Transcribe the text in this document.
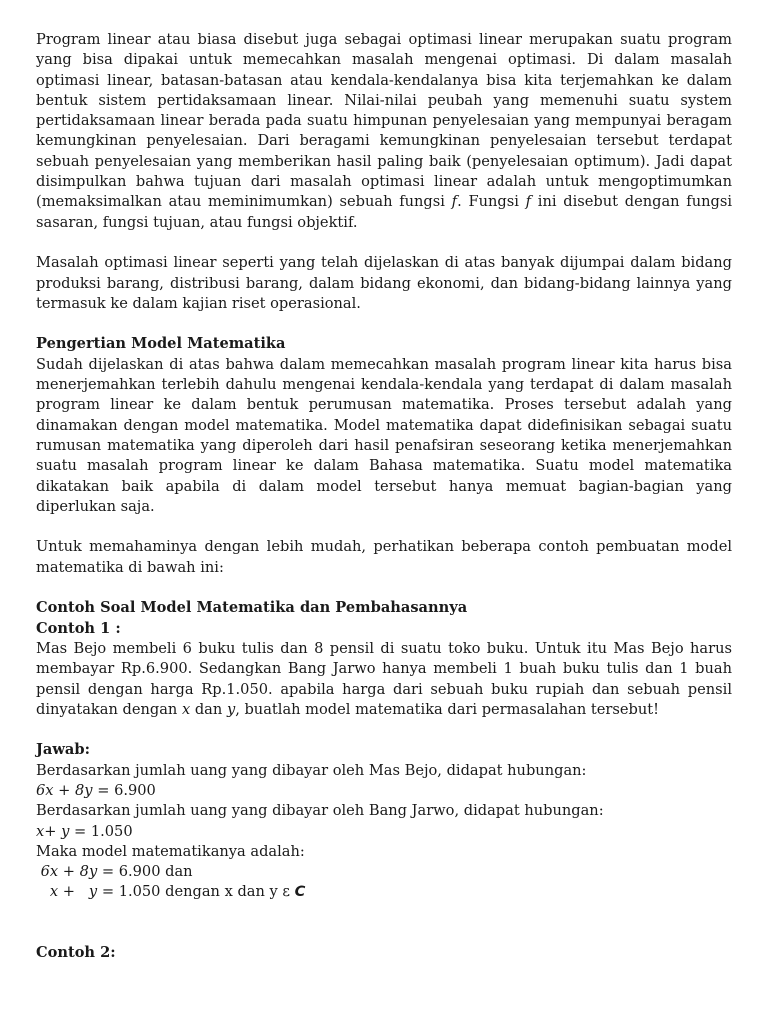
Program linear atau biasa disebut juga sebagai optimasi linear merupakan suatu program yang bisa dipakai untuk memecahkan masalah mengenai optimasi. Di dalam masalah optimasi linear, batasan-batasan atau kendala-kendalanya bisa kita terjemahkan ke dalam bentuk sistem pertidaksamaan linear. Nilai-nilai peubah yang memenuhi suatu system pertidaksamaan linear berada pada suatu himpunan penyelesaian yang mempunyai beragam kemungkinan penyelesaian. Dari beragami kemungkinan penyelesaian tersebut terdapat sebuah penyelesaian yang memberikan hasil paling baik (penyelesaian optimum). Jadi dapat disimpulkan bahwa tujuan dari masalah optimasi linear adalah untuk mengoptimumkan (memaksimalkan atau meminimumkan) sebuah fungsi f. Fungsi f ini disebut dengan fungsi sasaran, fungsi tujuan, atau fungsi objektif.

Masalah optimasi linear seperti yang telah dijelaskan di atas banyak dijumpai dalam bidang produksi barang, distribusi barang, dalam bidang ekonomi, dan bidang-bidang lainnya yang termasuk ke dalam kajian riset operasional.

Pengertian Model Matematika

Sudah dijelaskan di atas bahwa dalam memecahkan masalah program linear kita harus bisa menerjemahkan terlebih dahulu mengenai kendala-kendala yang terdapat di dalam masalah program linear ke dalam bentuk perumusan matematika. Proses tersebut adalah yang dinamakan dengan model matematika. Model matematika dapat didefinisikan sebagai suatu rumusan matematika yang diperoleh dari hasil penafsiran seseorang ketika menerjemahkan suatu masalah program linear ke dalam Bahasa matematika. Suatu model matematika dikatakan baik apabila di dalam model tersebut hanya memuat bagian-bagian yang diperlukan saja.

Untuk memahaminya dengan lebih mudah, perhatikan beberapa contoh pembuatan model matematika di bawah ini:

Contoh Soal Model Matematika dan Pembahasannya

Contoh 1 :

Mas Bejo membeli 6 buku tulis dan 8 pensil di suatu toko buku. Untuk itu Mas Bejo harus membayar Rp.6.900. Sedangkan Bang Jarwo hanya membeli 1 buah buku tulis dan 1 buah pensil dengan harga Rp.1.050. apabila harga dari sebuah buku rupiah dan sebuah pensil dinyatakan dengan x dan y, buatlah model matematika dari permasalahan tersebut!

Jawab:

Berdasarkan jumlah uang yang dibayar oleh Mas Bejo, didapat hubungan:

6x + 8y = 6.900

Berdasarkan jumlah uang yang dibayar oleh Bang Jarwo, didapat hubungan:

x+ y = 1.050

Maka model matematikanya adalah:

6x + 8y = 6.900 dan

x +   y = 1.050 dengan x dan y ε C

Contoh 2:
